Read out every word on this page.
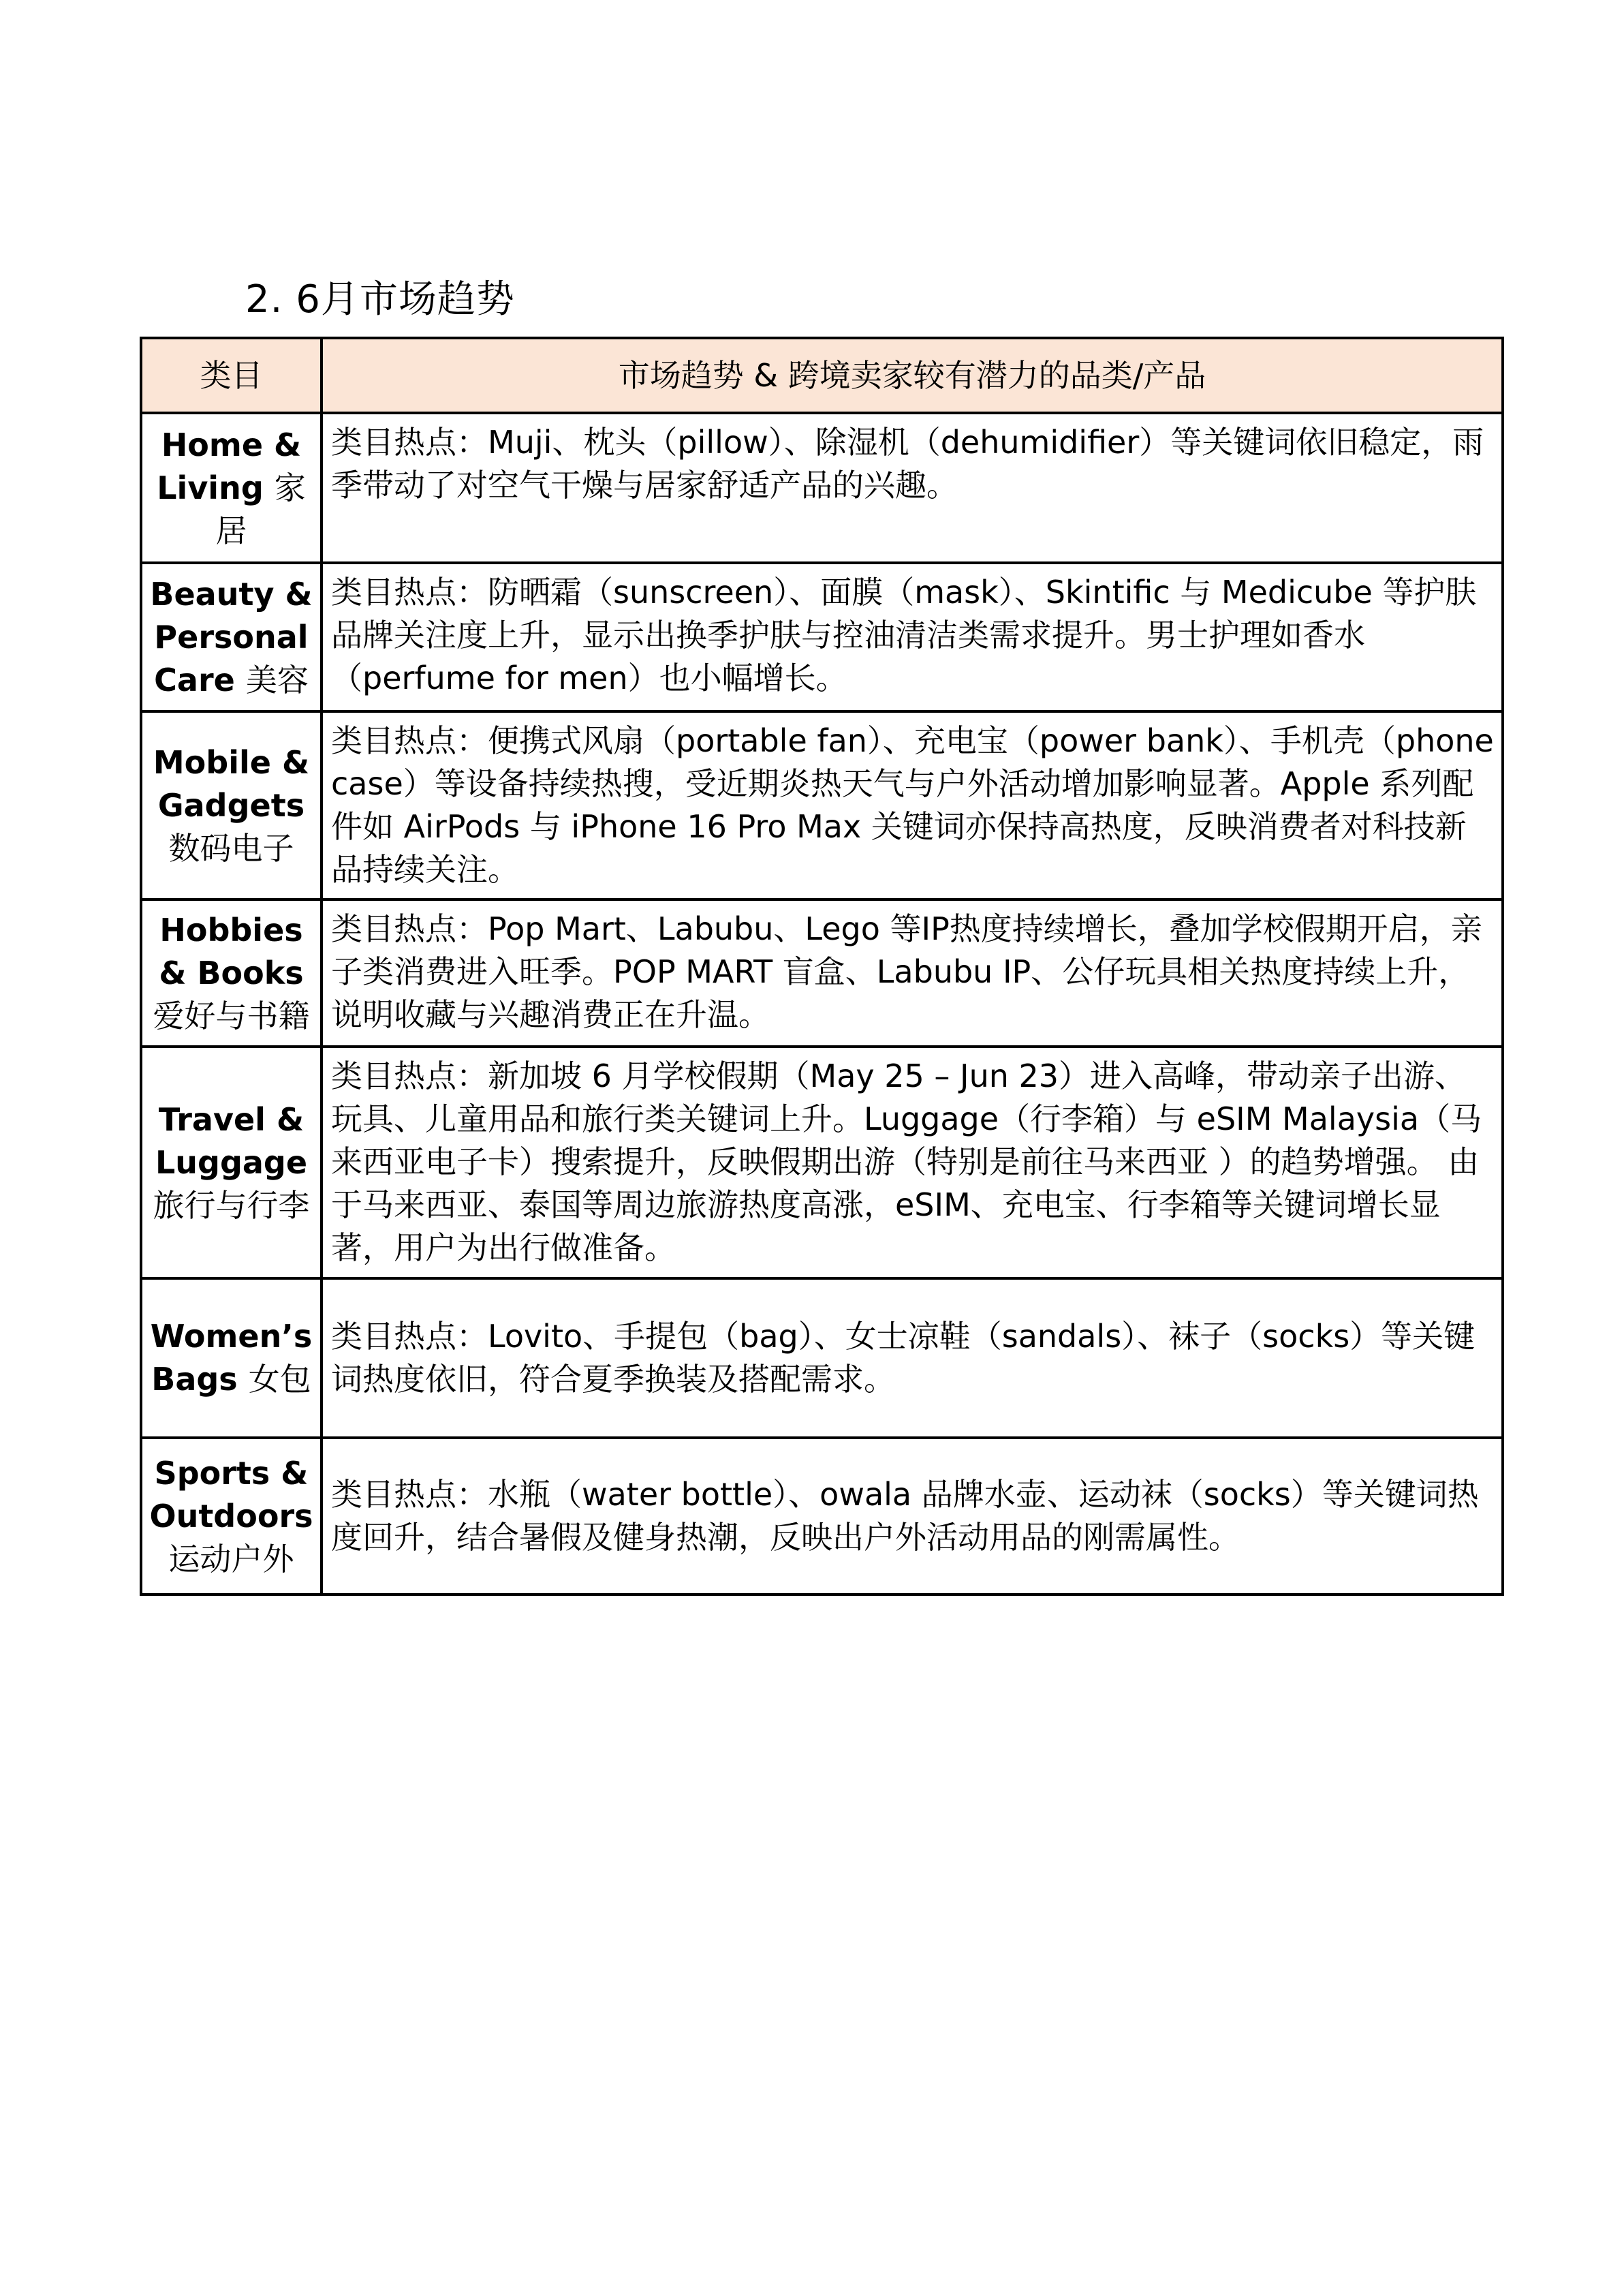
2. 6月市场趋势
类目	市场趋势 & 跨境卖家较有潜力的品类/产品
Home & Living 家居	类目热点：Muji、枕头（pillow）、除湿机（dehumidifier）等关键词依旧稳定，雨季带动了对空气干燥与居家舒适产品的兴趣。
Beauty & Personal Care 美容	类目热点：防晒霜（sunscreen）、面膜（mask）、Skintific 与 Medicube 等护肤品牌关注度上升，显示出换季护肤与控油清洁类需求提升。男士护理如香水（perfume for men）也小幅增长。
Mobile & Gadgets 数码电子	类目热点：便携式风扇（portable fan）、充电宝（power bank）、手机壳（phone case）等设备持续热搜，受近期炎热天气与户外活动增加影响显著。Apple 系列配件如 AirPods 与 iPhone 16 Pro Max 关键词亦保持高热度，反映消费者对科技新品持续关注。
Hobbies & Books 爱好与书籍	类目热点：Pop Mart、Labubu、Lego 等IP热度持续增长，叠加学校假期开启，亲子类消费进入旺季。POP MART 盲盒、Labubu IP、公仔玩具相关热度持续上升，说明收藏与兴趣消费正在升温。
Travel & Luggage 旅行与行李	类目热点：新加坡 6 月学校假期（May 25 – Jun 23）进入高峰，带动亲子出游、玩具、儿童用品和旅行类关键词上升。Luggage（行李箱）与 eSIM Malaysia（马来西亚电子卡）搜索提升，反映假期出游（特别是前往马来西亚 ）的趋势增强。 由于马来西亚、泰国等周边旅游热度高涨，eSIM、充电宝、行李箱等关键词增长显著，用户为出行做准备。
Women’s Bags 女包	类目热点：Lovito、手提包（bag）、女士凉鞋（sandals）、袜子（socks）等关键词热度依旧，符合夏季换装及搭配需求。
Sports & Outdoors 运动户外	类目热点：水瓶（water bottle）、owala 品牌水壶、运动袜（socks）等关键词热度回升，结合暑假及健身热潮，反映出户外活动用品的刚需属性。
